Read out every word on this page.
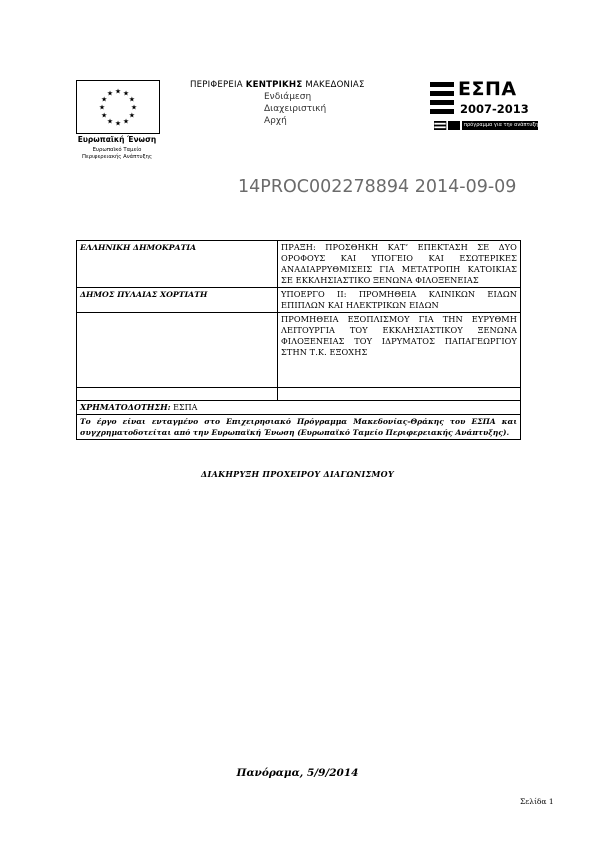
★ ★
★
★
★
★
★
★
★
★
★
★
Ευρωπαϊκή Ένωση
Ευρωπαϊκό Ταμείο
Περιφερειακής Ανάπτυξης
ΠΕΡΙΦΕΡΕΙΑ ΚΕΝΤΡΙΚΗΣ ΜΑΚΕΔΟΝΙΑΣ
Ενδιάμεση
Διαχειριστική
Αρχή
ΕΣΠΑ
2007-2013
πρόγραμμα για την ανάπτυξη
14PROC002278894 2014-09-09
ΕΛΛΗΝΙΚΗ ΔΗΜΟΚΡΑΤΙΑ	ΠΡΑΞΗ: ΠΡΟΣΘΗΚΗ ΚΑΤ’ ΕΠΕΚΤΑΣΗ ΣΕ ΔΥΟ ΟΡΟΦΟΥΣ ΚΑΙ ΥΠΟΓΕΙΟ ΚΑΙ ΕΣΩΤΕΡΙΚΕΣ ΑΝΑΔΙΑΡΡΥΘΜΙΣΕΙΣ ΓΙΑ ΜΕΤΑΤΡΟΠΗ ΚΑΤΟΙΚΙΑΣ ΣΕ ΕΚΚΛΗΣΙΑΣΤΙΚΟ ΞΕΝΩΝΑ ΦΙΛΟΞΕΝΕΙΑΣ
ΔΗΜΟΣ ΠΥΛΑΙΑΣ ΧΟΡΤΙΑΤΗ	ΥΠΟΕΡΓΟ ΙΙ: ΠΡΟΜΗΘΕΙΑ ΚΛΙΝΙΚΩΝ ΕΙΔΩΝ ΕΠΙΠΛΩΝ ΚΑΙ ΗΛΕΚΤΡΙΚΩΝ ΕΙΔΩΝ
ΠΡΟΜΗΘΕΙΑ ΕΞΟΠΛΙΣΜΟΥ ΓΙΑ ΤΗΝ ΕΥΡΥΘΜΗ ΛΕΙΤΟΥΡΓΙΑ ΤΟΥ ΕΚΚΛΗΣΙΑΣΤΙΚΟΥ ΞΕΝΩΝΑ ΦΙΛΟΞΕΝΕΙΑΣ ΤΟΥ ΙΔΡΥΜΑΤΟΣ ΠΑΠΑΓΕΩΡΓΙΟΥ ΣΤΗΝ Τ.Κ. ΕΞΟΧΗΣ
ΧΡΗΜΑΤΟΔΟΤΗΣΗ: ΕΣΠΑ
Το έργο είναι ενταγμένο στο Επιχειρησιακό Πρόγραμμα Μακεδονίας-Θράκης του ΕΣΠΑ και συγχρηματοδοτείται από την Ευρωπαϊκή Ένωση (Ευρωπαϊκό Ταμείο Περιφερειακής Ανάπτυξης).
ΔΙΑΚΗΡΥΞΗ ΠΡΟΧΕΙΡΟΥ ΔΙΑΓΩΝΙΣΜΟΥ
Πανόραμα, 5/9/2014
Σελίδα 1
